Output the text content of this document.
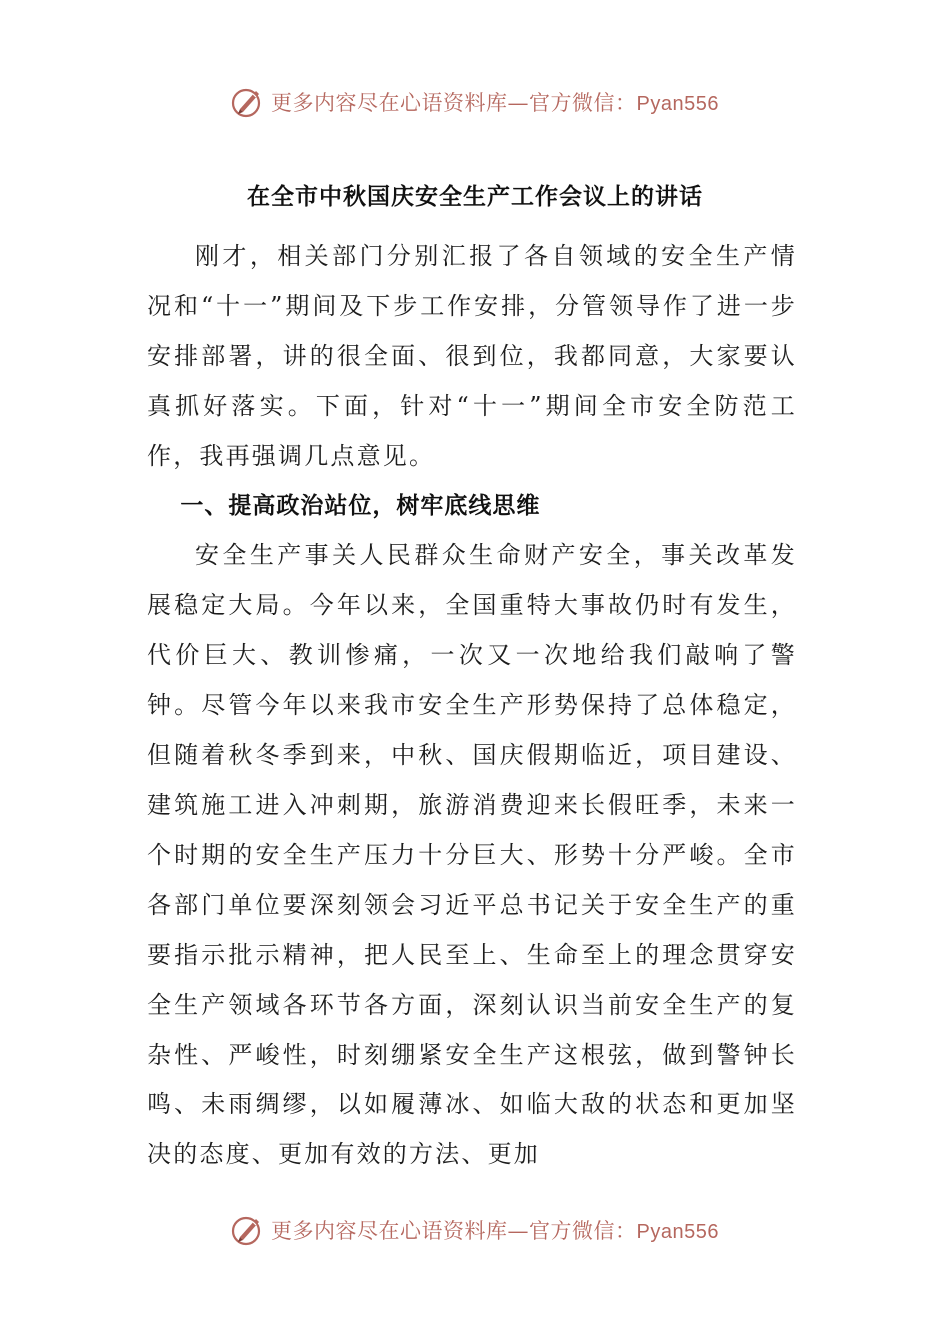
更多内容尽在心语资料库—官方微信：Pyan556
在全市中秋国庆安全生产工作会议上的讲话

刚才，相关部门分别汇报了各自领域的安全生产情况和“十一”期间及下步工作安排，分管领导作了进一步安排部署，讲的很全面、很到位，我都同意，大家要认真抓好落实。下面，针对“十一”期间全市安全防范工作，我再强调几点意见。

一、提高政治站位，树牢底线思维

安全生产事关人民群众生命财产安全，事关改革发展稳定大局。今年以来，全国重特大事故仍时有发生，代价巨大、教训惨痛，一次又一次地给我们敲响了警钟。尽管今年以来我市安全生产形势保持了总体稳定，但随着秋冬季到来，中秋、国庆假期临近，项目建设、建筑施工进入冲刺期，旅游消费迎来长假旺季，未来一个时期的安全生产压力十分巨大、形势十分严峻。全市各部门单位要深刻领会习近平总书记关于安全生产的重要指示批示精神，把人民至上、生命至上的理念贯穿安全生产领域各环节各方面，深刻认识当前安全生产的复杂性、严峻性，时刻绷紧安全生产这根弦，做到警钟长鸣、未雨绸缪，以如履薄冰、如临大敌的状态和更加坚决的态度、更加有效的方法、更加

更多内容尽在心语资料库—官方微信：Pyan556
